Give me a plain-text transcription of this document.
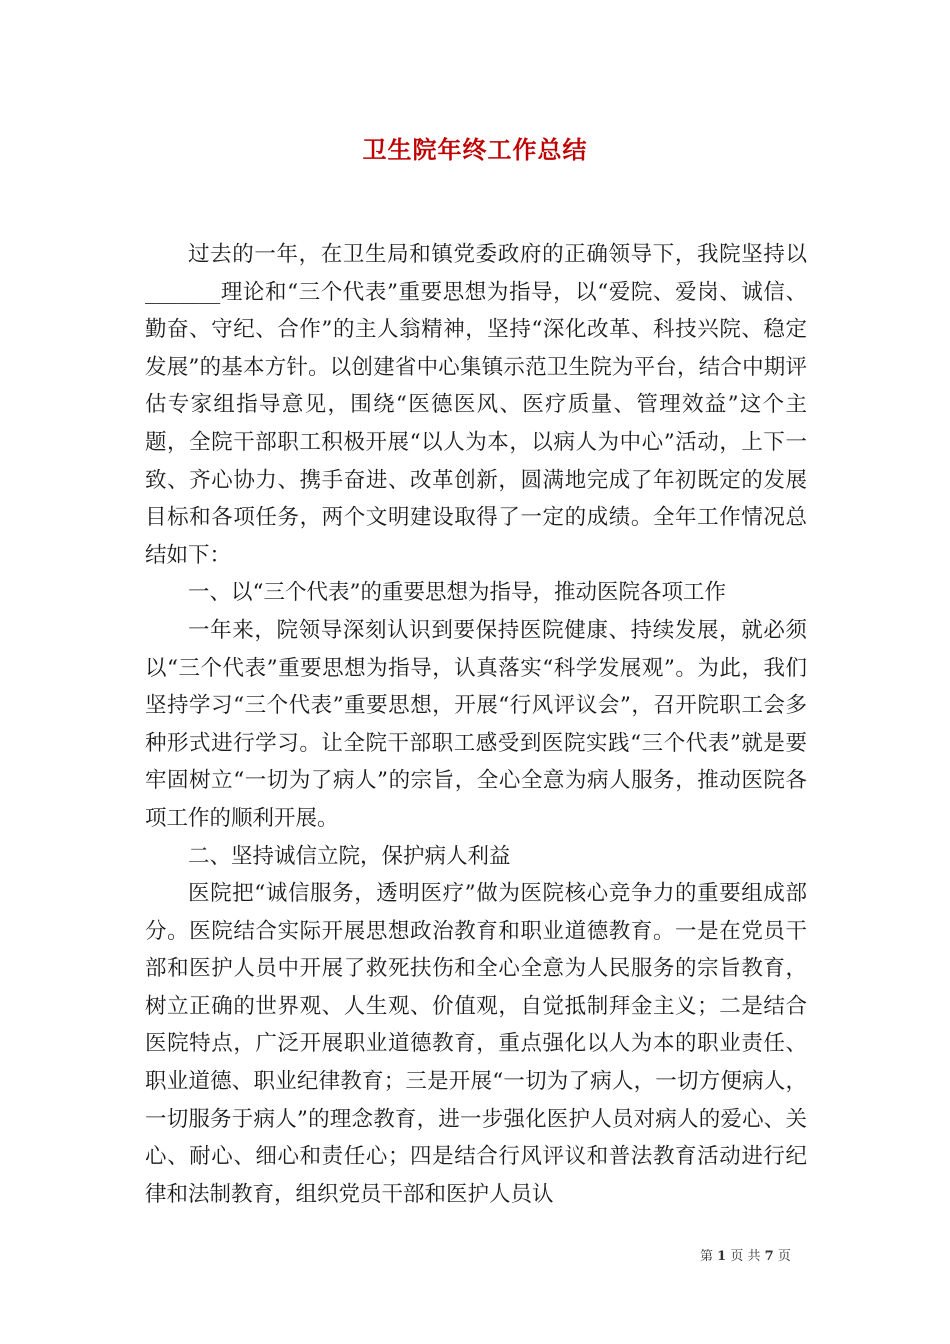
卫生院年终工作总结

过去的一年，在卫生局和镇党委政府的正确领导下，我院坚持以_______理论和“三个代表”重要思想为指导，以“爱院、爱岗、诚信、勤奋、守纪、合作”的主人翁精神，坚持“深化改革、科技兴院、稳定发展”的基本方针。以创建省中心集镇示范卫生院为平台，结合中期评估专家组指导意见，围绕“医德医风、医疗质量、管理效益”这个主题，全院干部职工积极开展“以人为本，以病人为中心”活动，上下一致、齐心协力、携手奋进、改革创新，圆满地完成了年初既定的发展目标和各项任务，两个文明建设取得了一定的成绩。全年工作情况总结如下：

一、以“三个代表”的重要思想为指导，推动医院各项工作

一年来，院领导深刻认识到要保持医院健康、持续发展，就必须以“三个代表”重要思想为指导，认真落实“科学发展观”。为此，我们坚持学习“三个代表”重要思想，开展“行风评议会”，召开院职工会多种形式进行学习。让全院干部职工感受到医院实践“三个代表”就是要牢固树立“一切为了病人”的宗旨，全心全意为病人服务，推动医院各项工作的顺利开展。

二、坚持诚信立院，保护病人利益

医院把“诚信服务，透明医疗”做为医院核心竞争力的重要组成部分。医院结合实际开展思想政治教育和职业道德教育。一是在党员干部和医护人员中开展了救死扶伤和全心全意为人民服务的宗旨教育，树立正确的世界观、人生观、价值观，自觉抵制拜金主义；二是结合医院特点，广泛开展职业道德教育，重点强化以人为本的职业责任、职业道德、职业纪律教育；三是开展“一切为了病人，一切方便病人，一切服务于病人”的理念教育，进一步强化医护人员对病人的爱心、关心、耐心、细心和责任心；四是结合行风评议和普法教育活动进行纪律和法制教育，组织党员干部和医护人员认

第 1 页 共 7 页
